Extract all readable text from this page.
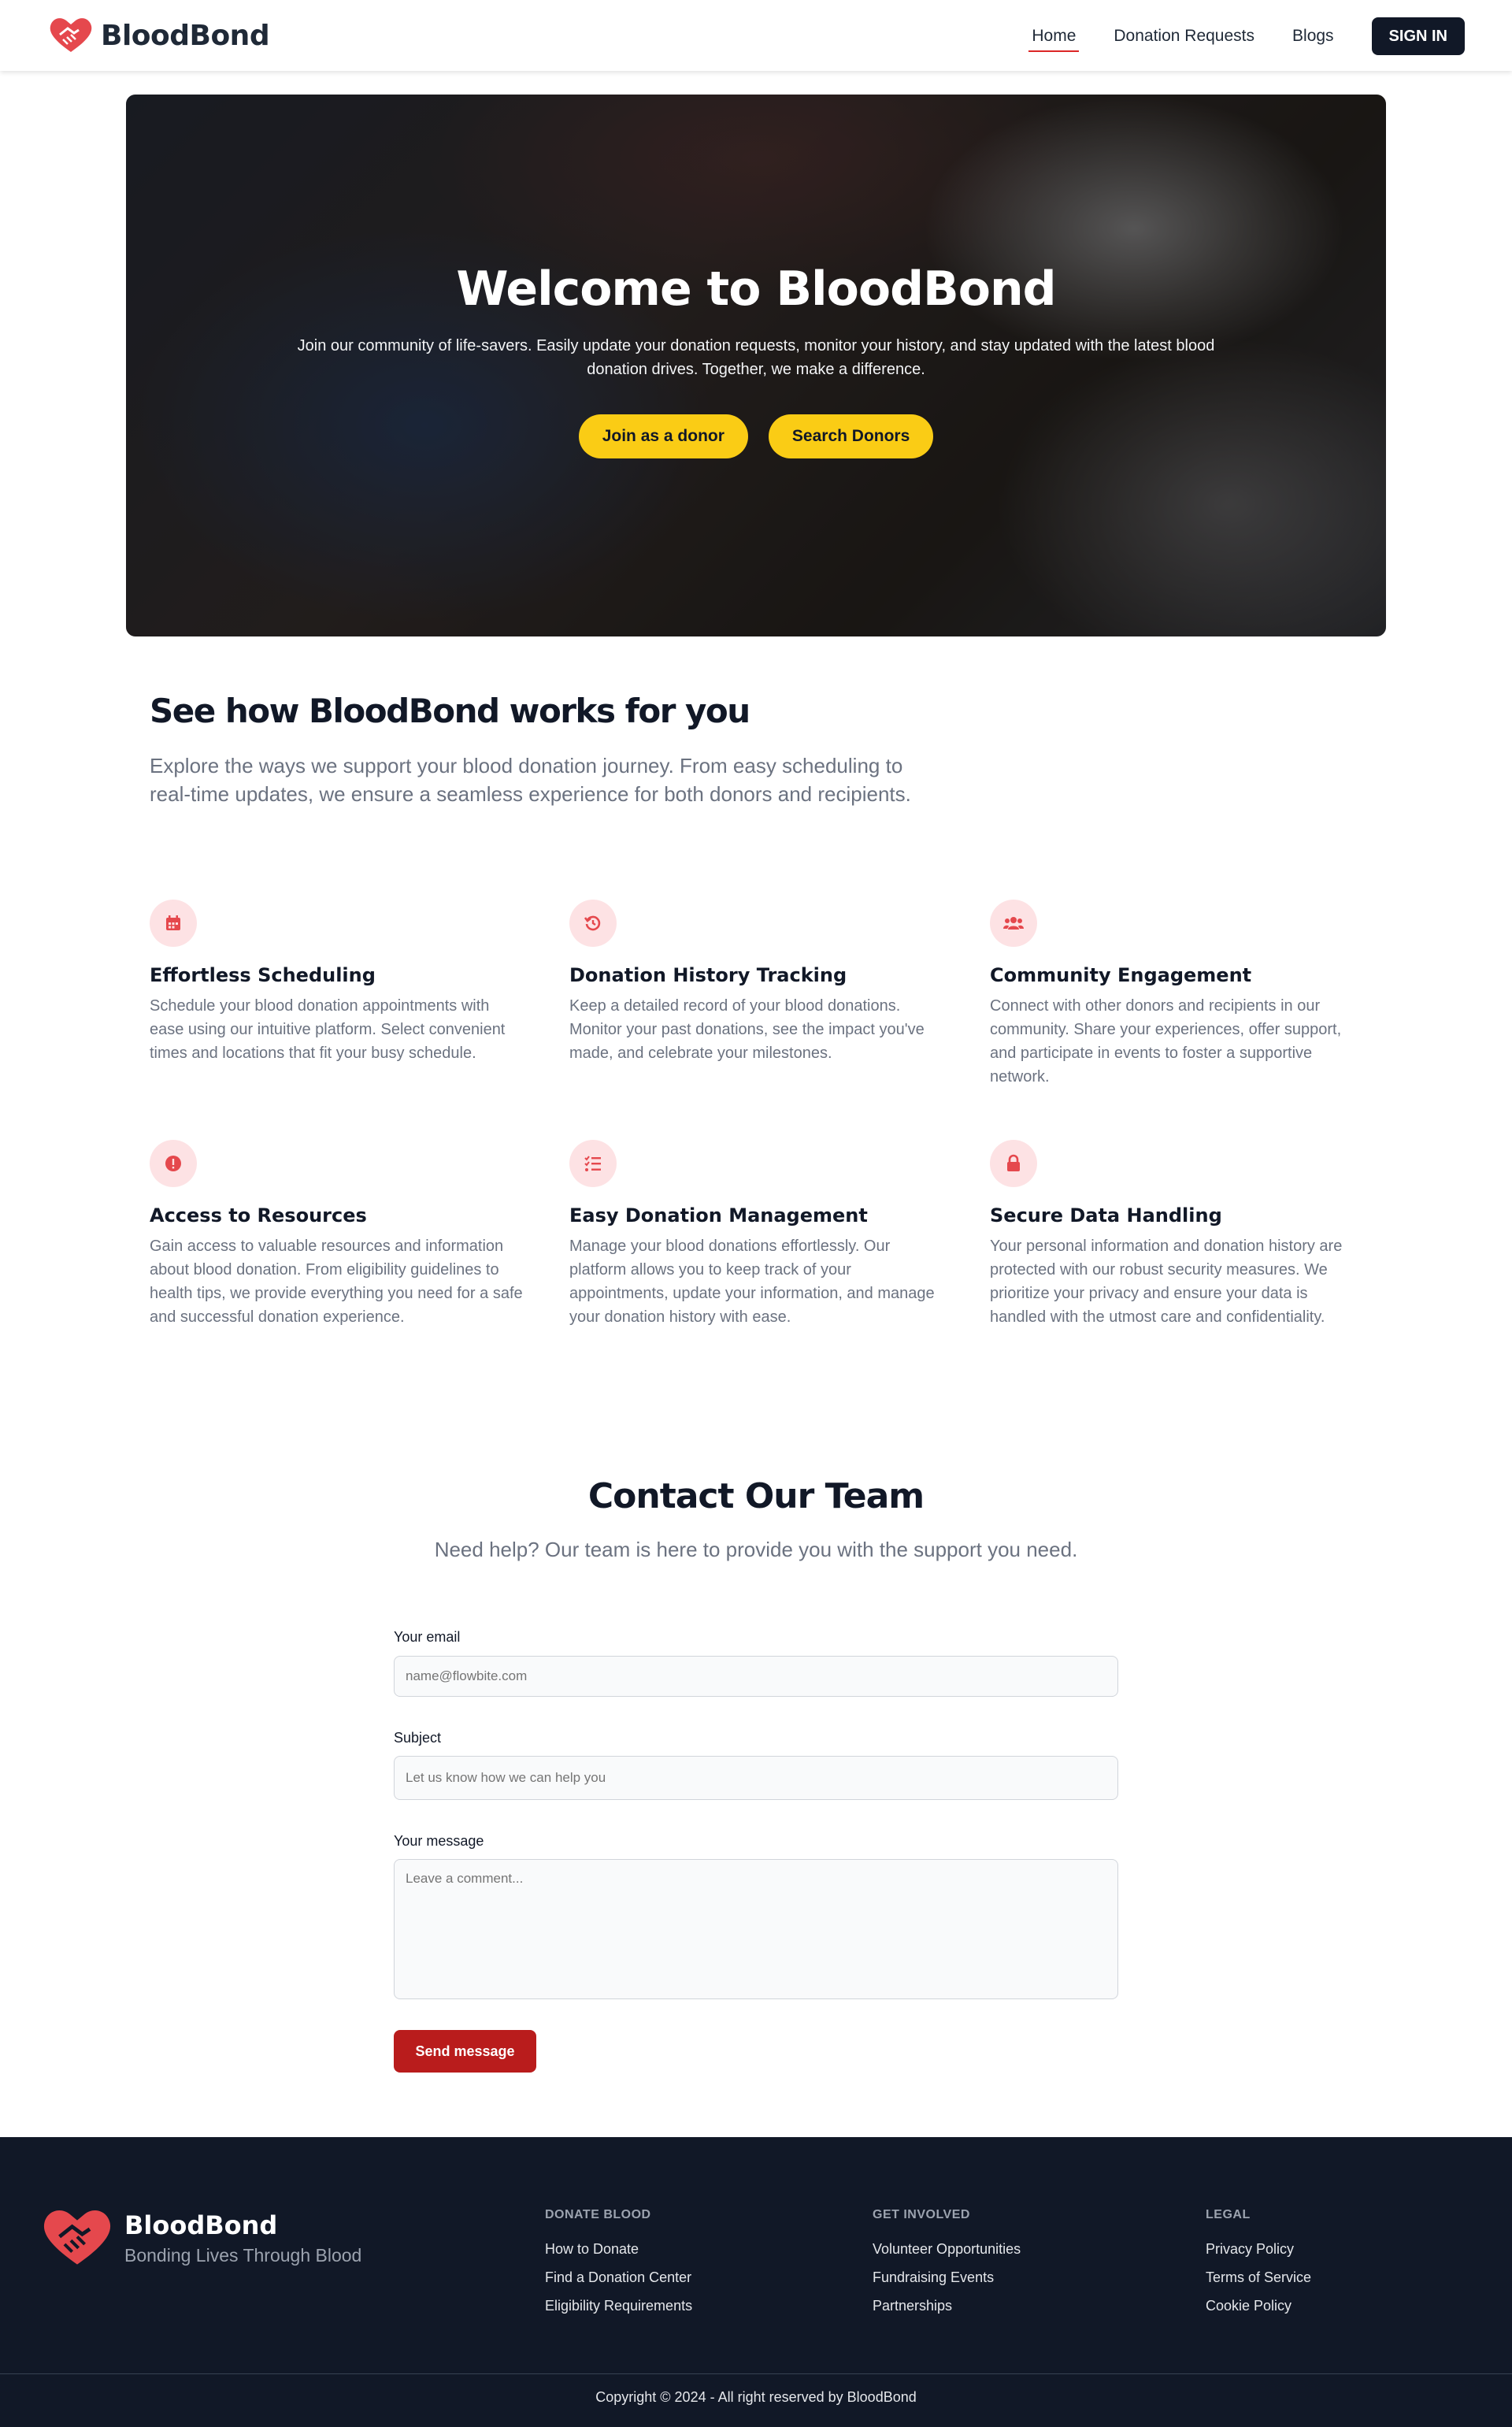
BloodBond	Home Donation Requests Blogs	SIGN IN
Welcome to BloodBond
Join our community of life-savers. Easily update your donation requests, monitor your history, and stay updated with the latest blood donation drives. Together, we make a difference.
Join as a donor	Search Donors
See how BloodBond works for you
Explore the ways we support your blood donation journey. From easy scheduling to real-time updates, we ensure a seamless experience for both donors and recipients.
Effortless Scheduling
Schedule your blood donation appointments with ease using our intuitive platform. Select convenient times and locations that fit your busy schedule.
Donation History Tracking
Keep a detailed record of your blood donations. Monitor your past donations, see the impact you've made, and celebrate your milestones.
Community Engagement
Connect with other donors and recipients in our community. Share your experiences, offer support, and participate in events to foster a supportive network.
Access to Resources
Gain access to valuable resources and information about blood donation. From eligibility guidelines to health tips, we provide everything you need for a safe and successful donation experience.
Easy Donation Management
Manage your blood donations effortlessly. Our platform allows you to keep track of your appointments, update your information, and manage your donation history with ease.
Secure Data Handling
Your personal information and donation history are protected with our robust security measures. We prioritize your privacy and ensure your data is handled with the utmost care and confidentiality.
Contact Our Team
Need help? Our team is here to provide you with the support you need.
Your email
name@flowbite.com
Subject
Let us know how we can help you
Your message
Leave a comment...
Send message
BloodBond
Bonding Lives Through Blood
DONATE BLOOD
How to Donate
Find a Donation Center
Eligibility Requirements
GET INVOLVED
Volunteer Opportunities
Fundraising Events
Partnerships
LEGAL
Privacy Policy
Terms of Service
Cookie Policy
Copyright © 2024 - All right reserved by BloodBond
